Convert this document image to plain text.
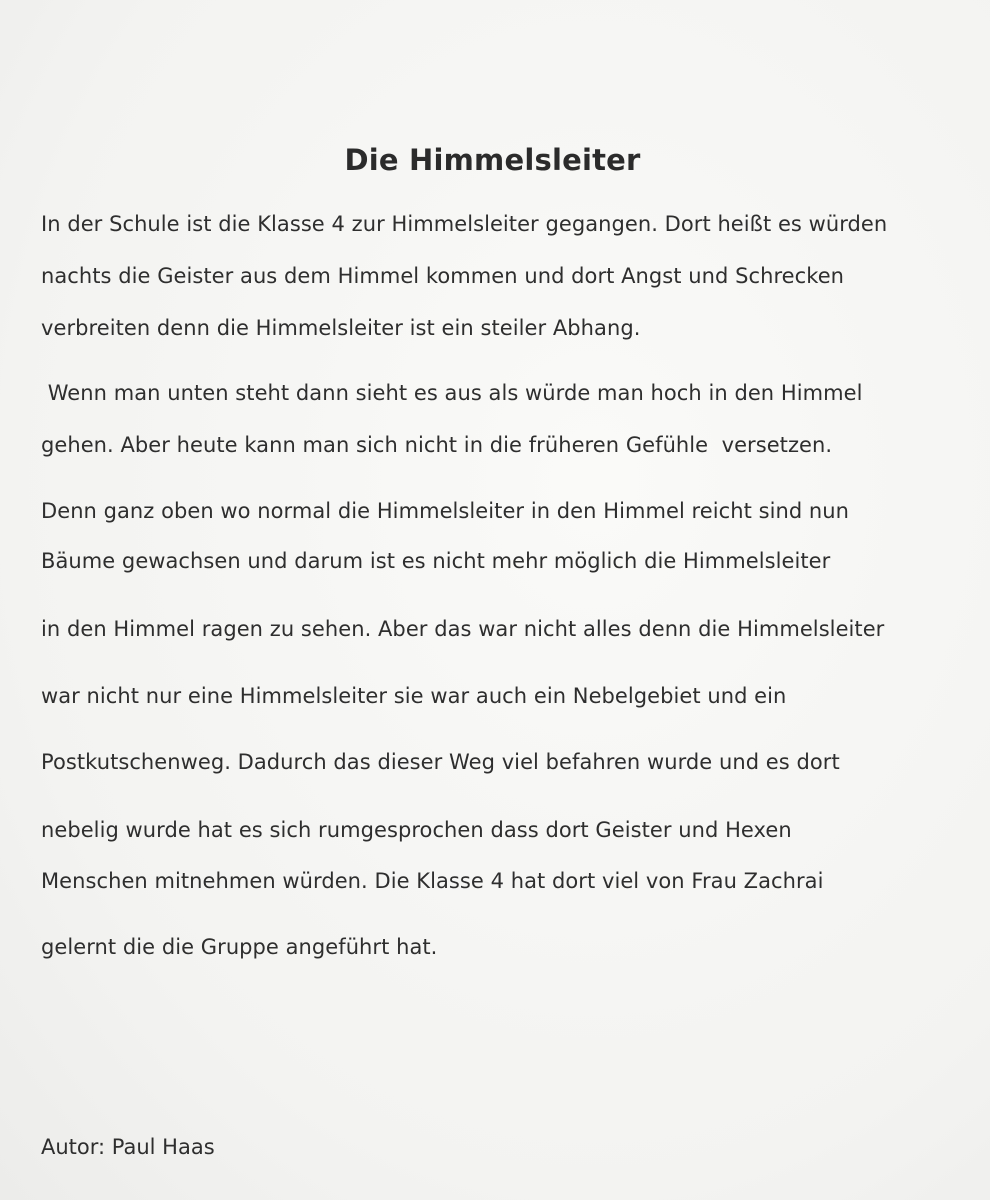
Die Himmelsleiter
In der Schule ist die Klasse 4 zur Himmelsleiter gegangen. Dort heißt es würden
nachts die Geister aus dem Himmel kommen und dort Angst und Schrecken
verbreiten denn die Himmelsleiter ist ein steiler Abhang.
Wenn man unten steht dann sieht es aus als würde man hoch in den Himmel
gehen. Aber heute kann man sich nicht in die früheren Gefühle  versetzen.
Denn ganz oben wo normal die Himmelsleiter in den Himmel reicht sind nun
Bäume gewachsen und darum ist es nicht mehr möglich die Himmelsleiter
in den Himmel ragen zu sehen. Aber das war nicht alles denn die Himmelsleiter
war nicht nur eine Himmelsleiter sie war auch ein Nebelgebiet und ein
Postkutschenweg. Dadurch das dieser Weg viel befahren wurde und es dort
nebelig wurde hat es sich rumgesprochen dass dort Geister und Hexen
Menschen mitnehmen würden. Die Klasse 4 hat dort viel von Frau Zachrai
gelernt die die Gruppe angeführt hat.
Autor: Paul Haas
